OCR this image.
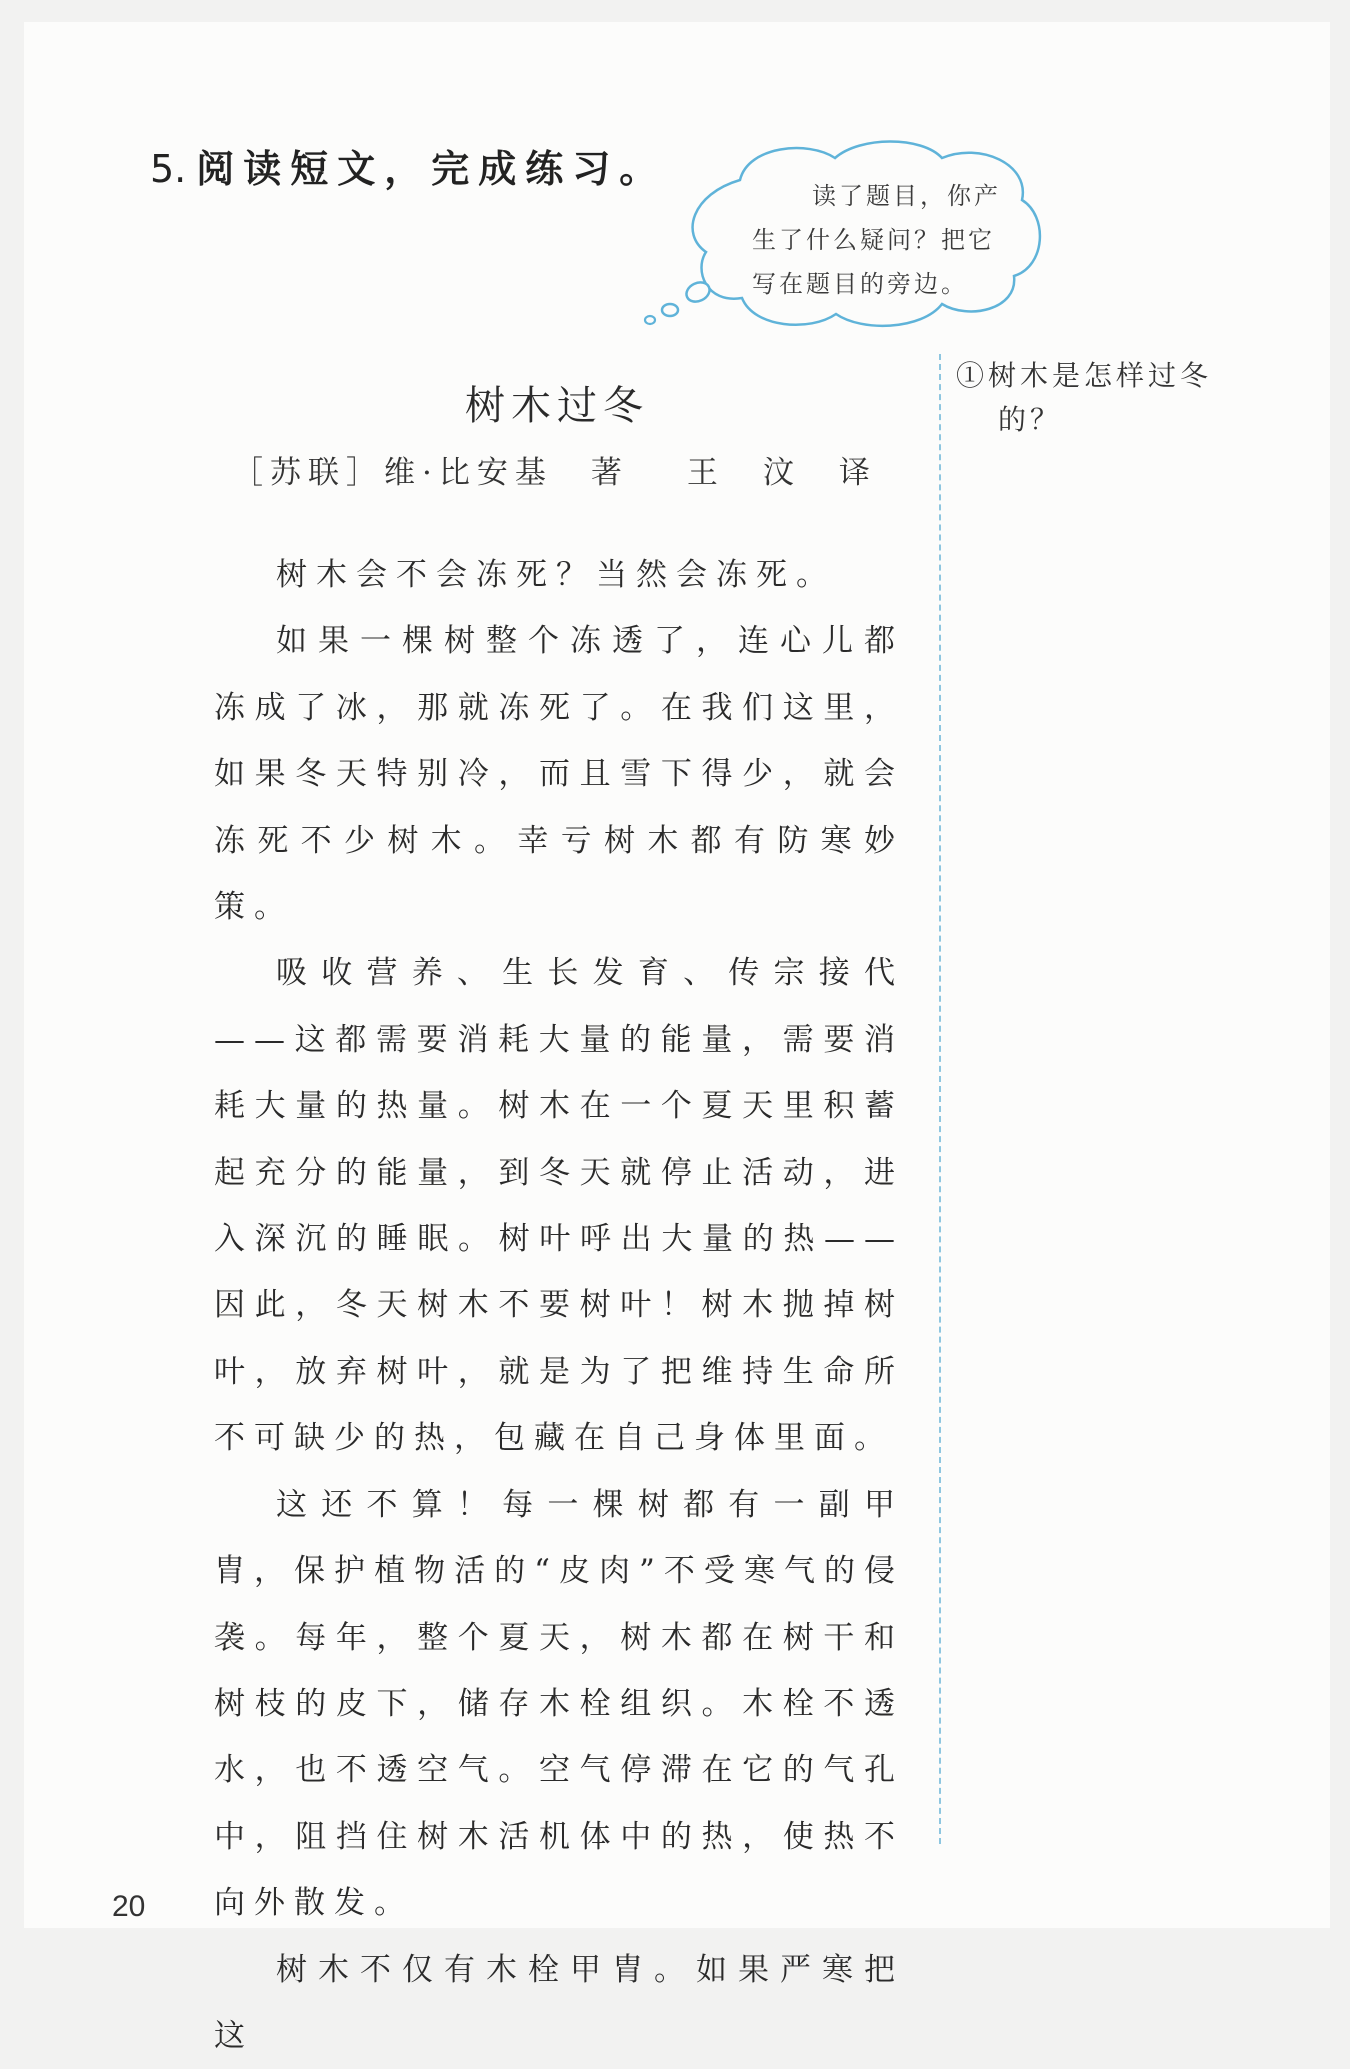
5. 阅读短文，完成练习。
读了题目，你产
生了什么疑问？把它
写在题目的旁边。
①树木是怎样过冬
的？
树木过冬
［苏联］维·比安基　著 王　汶　译

树木会不会冻死？当然会冻死。

如果一棵树整个冻透了，连心儿都冻成了冰，那就冻死了。在我们这里，如果冬天特别冷，而且雪下得少，就会冻死不少树木。幸亏树木都有防寒妙策。

吸收营养、生长发育、传宗接代——这都需要消耗大量的能量，需要消耗大量的热量。树木在一个夏天里积蓄起充分的能量，到冬天就停止活动，进入深沉的睡眠。树叶呼出大量的热——因此，冬天树木不要树叶！树木抛掉树叶，放弃树叶，就是为了把维持生命所不可缺少的热，包藏在自己身体里面。

这还不算！每一棵树都有一副甲胄，保护植物活的“皮肉”不受寒气的侵袭。每年，整个夏天，树木都在树干和树枝的皮下，储存木栓组织。木栓不透水，也不透空气。空气停滞在它的气孔中，阻挡住树木活机体中的热，使热不向外散发。

树木不仅有木栓甲胄。如果严寒把这

20
